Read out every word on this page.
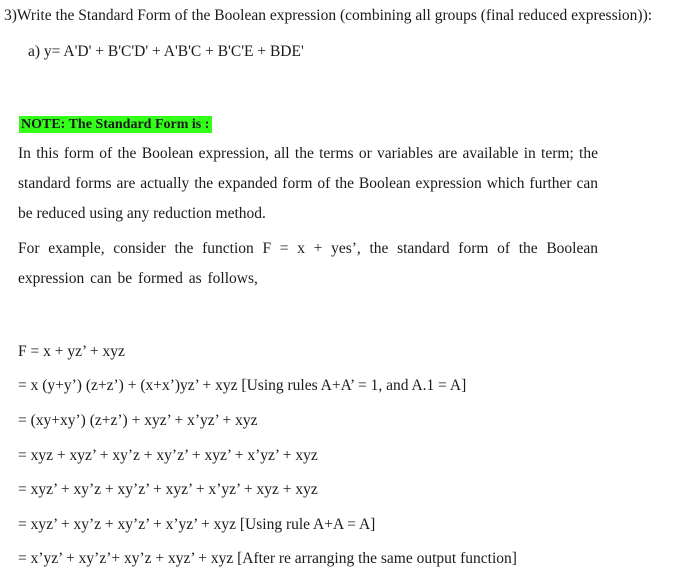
3)Write the Standard Form of the Boolean expression (combining all groups (final reduced expression)):
a) y= A'D' + B'C'D' + A'B'C + B'C'E + BDE'
NOTE: The Standard Form is :
In this form of the Boolean expression, all the terms or variables are available in term; the standard forms are actually the expanded form of the Boolean expression which further can be reduced using any reduction method.
For example, consider the function F = x + yes’, the standard form of the Boolean expression can be formed as follows,
F = x + yz’ + xyz
= x (y+y’) (z+z’) + (x+x’)yz’ + xyz [Using rules A+A’ = 1, and A.1 = A]
= (xy+xy’) (z+z’) + xyz’ + x’yz’ + xyz
= xyz + xyz’ + xy’z + xy’z’ + xyz’ + x’yz’ + xyz
= xyz’ + xy’z + xy’z’ + xyz’ + x’yz’ + xyz + xyz
= xyz’ + xy’z + xy’z’ + x’yz’ + xyz [Using rule A+A = A]
= x’yz’ + xy’z’+ xy’z + xyz’ + xyz [After re arranging the same output function]
